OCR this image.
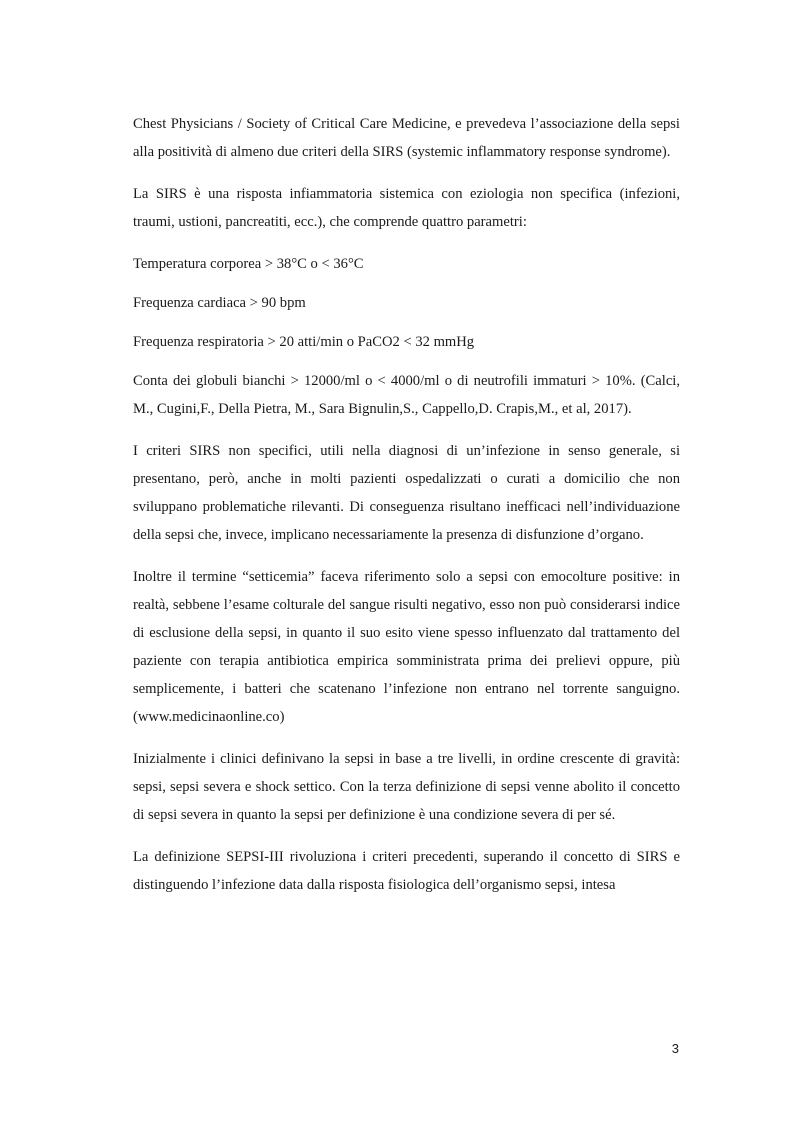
Chest Physicians / Society of Critical Care Medicine, e prevedeva l’associazione della sepsi alla positività di almeno due criteri della SIRS (systemic inflammatory response syndrome).

La SIRS è una risposta infiammatoria sistemica con eziologia non specifica (infezioni, traumi, ustioni, pancreatiti, ecc.), che comprende quattro parametri:

Temperatura corporea > 38°C o < 36°C

Frequenza cardiaca > 90 bpm

Frequenza respiratoria > 20 atti/min o PaCO2 < 32 mmHg

Conta dei globuli bianchi > 12000/ml o < 4000/ml o di neutrofili immaturi > 10%. (Calci, M., Cugini,F., Della Pietra, M., Sara Bignulin,S., Cappello,D. Crapis,M., et al, 2017).

I criteri SIRS non specifici, utili nella diagnosi di un’infezione in senso generale, si presentano, però, anche in molti pazienti ospedalizzati o curati a domicilio che non sviluppano problematiche rilevanti. Di conseguenza risultano inefficaci nell’individuazione della sepsi che, invece, implicano necessariamente la presenza di disfunzione d’organo.

Inoltre il termine “setticemia” faceva riferimento solo a sepsi con emocolture positive: in realtà, sebbene l’esame colturale del sangue risulti negativo, esso non può considerarsi indice di esclusione della sepsi, in quanto il suo esito viene spesso influenzato dal trattamento del paziente con terapia antibiotica empirica somministrata prima dei prelievi oppure, più semplicemente, i batteri che scatenano l’infezione non entrano nel torrente sanguigno. (www.medicinaonline.co)

Inizialmente i clinici definivano la sepsi in base a tre livelli, in ordine crescente di gravità: sepsi, sepsi severa e shock settico. Con la terza definizione di sepsi venne abolito il concetto di sepsi severa in quanto la sepsi per definizione è una condizione severa di per sé.

La definizione SEPSI-III rivoluziona i criteri precedenti, superando il concetto di SIRS e distinguendo l’infezione data dalla risposta fisiologica dell’organismo sepsi, intesa

3
